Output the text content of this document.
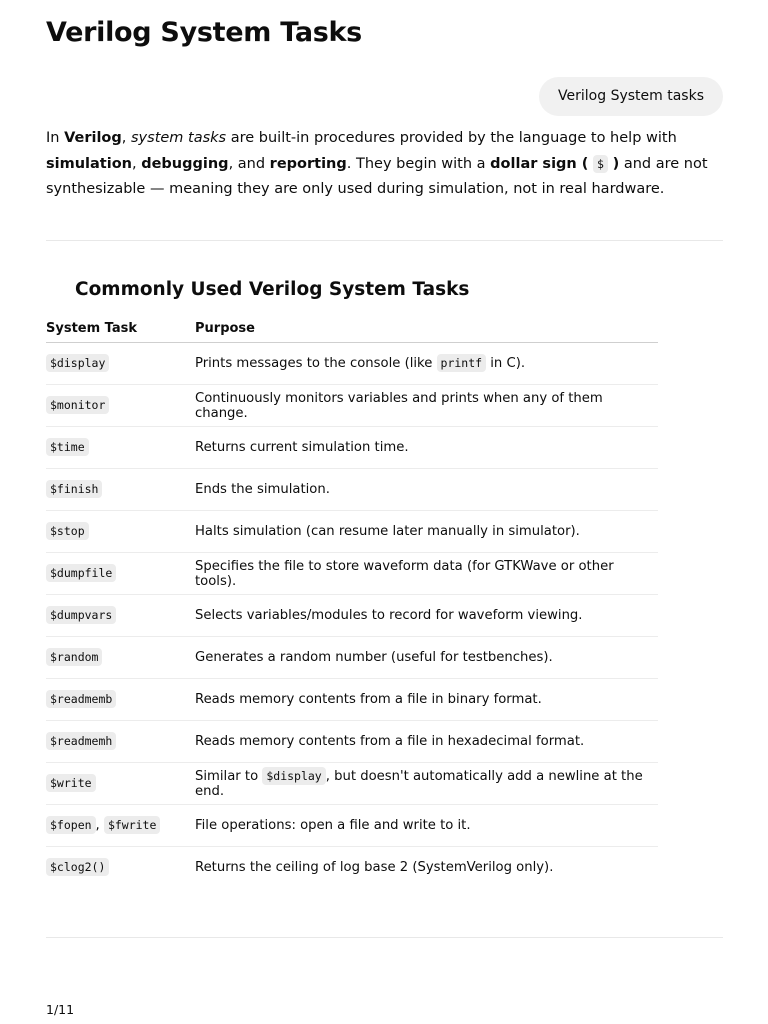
Verilog System Tasks
Verilog System tasks

In Verilog, system tasks are built-in procedures provided by the language to help with simulation, debugging, and reporting. They begin with a dollar sign ( $ ) and are not synthesizable — meaning they are only used during simulation, not in real hardware.

Commonly Used Verilog System Tasks
System Task	Purpose
$display	Prints messages to the console (like printf in C).
$monitor	Continuously monitors variables and prints when any of them change.
$time	Returns current simulation time.
$finish	Ends the simulation.
$stop	Halts simulation (can resume later manually in simulator).
$dumpfile	Specifies the file to store waveform data (for GTKWave or other tools).
$dumpvars	Selects variables/modules to record for waveform viewing.
$random	Generates a random number (useful for testbenches).
$readmemb	Reads memory contents from a file in binary format.
$readmemh	Reads memory contents from a file in hexadecimal format.
$write	Similar to $display , but doesn't automatically add a newline at the end.
$fopen , $fwrite	File operations: open a file and write to it.
$clog2()	Returns the ceiling of log base 2 (SystemVerilog only).
1/11
